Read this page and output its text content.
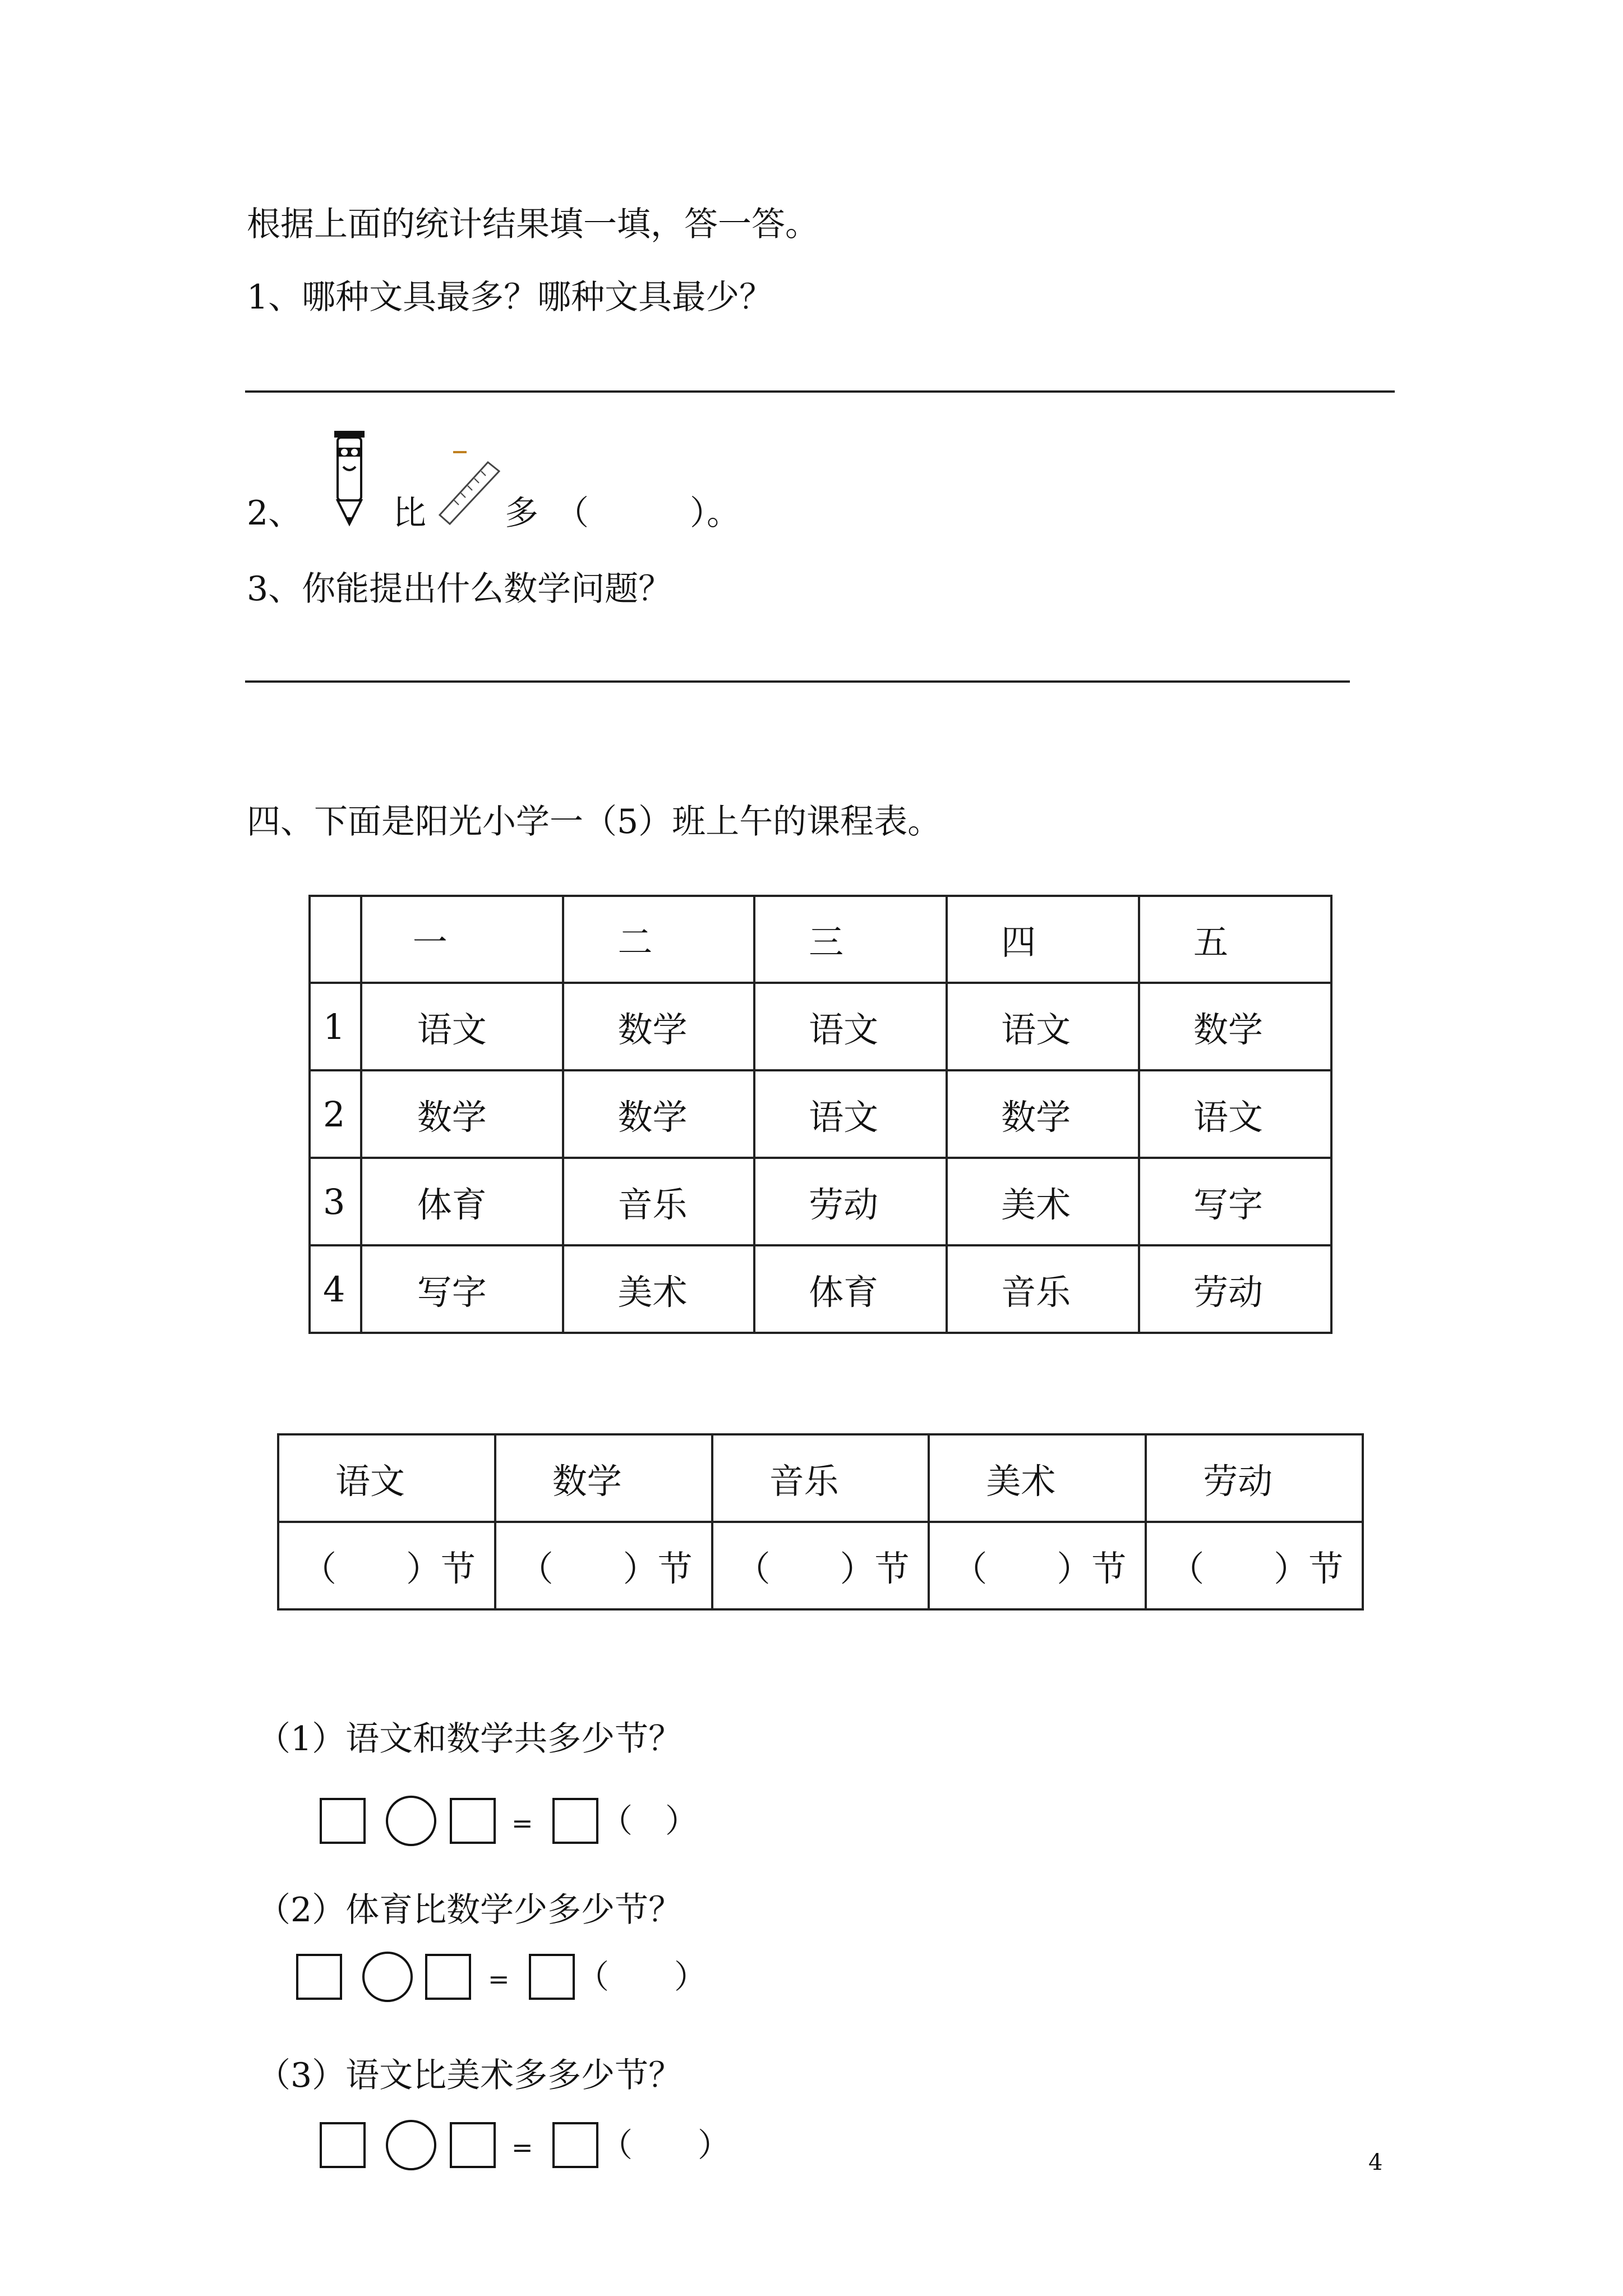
根据上面的统计结果填一填，答一答。
1、哪种文具最多？哪种文具最少？
2、	比 多 （　　　）。
3、你能提出什么数学问题？
四、下面是阳光小学一（5）班上午的课程表。
	一	二	三	四	五
1	语文	数学	语文	语文	数学
2	数学	数学	语文	数学	语文
3	体育	音乐	劳动	美术	写字
4	写字	美术	体育	音乐	劳动
语文	数学	音乐	美术	劳动
（　　）节	（　　）节	（　　）节	（　　）节	（　　）节
（1）语文和数学共多少节？
= （　）
（2）体育比数学少多少节？
= （　　）
（3）语文比美术多多少节？
= （　　）	4
